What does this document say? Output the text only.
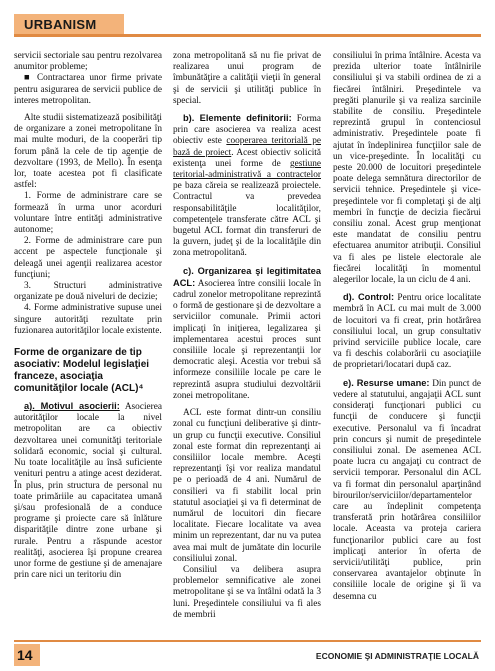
URBANISM

servicii sectoriale sau pentru rezolvarea anumitor probleme;

■ Contractarea unor firme private pentru asigurarea de servicii publice de interes metropolitan.

Alte studii sistematizează posibilităţi de organizare a zonei metropolitane în mai multe moduri, de la cooperări tip forum până la cele de tip agenţie de dezvoltare (1993, de Mello). În esenţa lor, toate acestea pot fi clasificate astfel:

1. Forme de administrare care se formează în urma unor acorduri voluntare între entităţi administrative autonome;

2. Forme de administrare care pun accent pe aspectele funcţionale şi deleagă unei agenţii realizarea acestor funcţiuni;

3. Structuri administrative organizate pe două niveluri de decizie;

4. Forme administrative supuse unei singure autorităţi rezultate prin fuzionarea autorităţilor locale existente.

Forme de organizare de tip asociativ: Modelul legislaţiei franceze, asociaţia comunităţilor locale (ACL)⁴

a). Motivul asocierii: Asocierea autorităţilor locale la nivel metropolitan are ca obiectiv dezvoltarea unei comunităţi teritoriale solidară economic, social şi cultural. Nu toate localităţile au însă suficiente venituri pentru a atinge acest deziderat. În plus, prin structura de personal nu toate primăriile au capacitatea umană şi/sau profesională de a conduce programe şi proiecte care să înlăture disparităţile dintre zone urbane şi rurale. Pentru a răspunde acestor realităţi, asocierea îşi propune crearea unor forme de gestiune şi de amenajare prin care nici un teritoriu din

zona metropolitană să nu fie privat de realizarea unui program de îmbunătăţire a calităţii vieţii în general şi de servicii şi utilităţi publice în special.

b). Elemente definitorii: Forma prin care asocierea va realiza acest obiectiv este cooperarea teritorială pe bază de proiect. Acest obiectiv solicită existenţa unei forme de gestiune teritorial-administrativă a contractelor pe baza căreia se realizează proiectele. Contractul va prevedea responsabilităţile localităţilor, competenţele transferate către ACL şi bugetul ACL format din transferuri de la guvern, judeţ şi de la localităţile din zona metropolitană.

c). Organizarea şi legitimitatea ACL: Asocierea între consilii locale în cadrul zonelor metropolitane reprezintă o formă de gestionare şi de dezvoltare a serviciilor comunale. Primii actori implicaţi în iniţierea, legalizarea şi implementarea acestui proces sunt consiliile locale şi reprezentanţii lor democratic aleşi. Acestia vor trebui să informeze consiliile locale pe care le reprezintă asupra studiului dezvoltării zonei metropolitane.

ACL este format dintr-un consiliu zonal cu funcţiuni deliberative şi dintr-un grup cu funcţii executive. Consiliul zonal este format din reprezentanţi ai consiliilor locale membre. Aceşti reprezentanţi îşi vor realiza mandatul pe o perioadă de 4 ani. Numărul de consilieri va fi stabilit local prin statutul asociaţiei şi va fi determinat de numărul de locuitori din fiecare localitate. Fiecare localitate va avea minim un reprezentant, dar nu va putea avea mai mult de jumătate din locurile consiliului zonal.

Consiliul va delibera asupra problemelor semnificative ale zonei metropolitane şi se va întâlni odată la 3 luni. Preşedintele consiliului va fi ales de membrii

consiliului în prima întâlnire. Acesta va prezida ulterior toate întâlnirile consiliului şi va stabili ordinea de zi a fiecărei întâlniri. Preşedintele va pregăti planurile şi va realiza sarcinile stabilite de consiliu. Preşedintele reprezintă grupul în contenciosul administrativ. Preşedintele poate fi ajutat în îndeplinirea funcţiilor sale de un vice-preşedinte. În localităţi cu peste 20.000 de locuitori preşedintele poate delega semnătura directorilor de servicii tehnice. Preşedintele şi vice-preşedintele vor fi completaţi şi de alţi membri în funcţie de decizia fiecărui consiliu zonal. Acest grup menţionat este mandatat de consiliu pentru efectuarea anumitor atribuţii. Consiliul va fi ales pe listele electorale ale fiecărei localităţi în momentul alegerilor locale, la un ciclu de 4 ani.

d). Control: Pentru orice localitate membră în ACL cu mai mult de 3.000 de locuitori va fi creat, prin hotărârea consiliului local, un grup consultativ privind serviciile publice locale, care va fi deschis colaborării cu asociaţiile de proprietari/locatari după caz.

e). Resurse umane: Din punct de vedere al statutului, angajaţii ACL sunt consideraţi funcţionari publici cu funcţii de conducere şi funcţii executive. Personalul va fi încadrat prin concurs şi numit de preşedintele consiliului zonal. De asemenea ACL poate lucra cu angajaţi cu contract de servicii temporar. Personalul din ACL va fi format din personalul aparţinând birourilor/serviciilor/departamentelor care au îndeplinit competenţa transferată prin hotărârea consiliilor locale. Aceasta va proteja cariera funcţionarilor publici care au fost implicaţi anterior în oferta de servicii/utilităţi publice, prin conservarea avantajelor obţinute în consiliile locale de origine şi îi va desemna cu

14	ECONOMIE ŞI ADMINISTRAŢIE LOCALĂ
